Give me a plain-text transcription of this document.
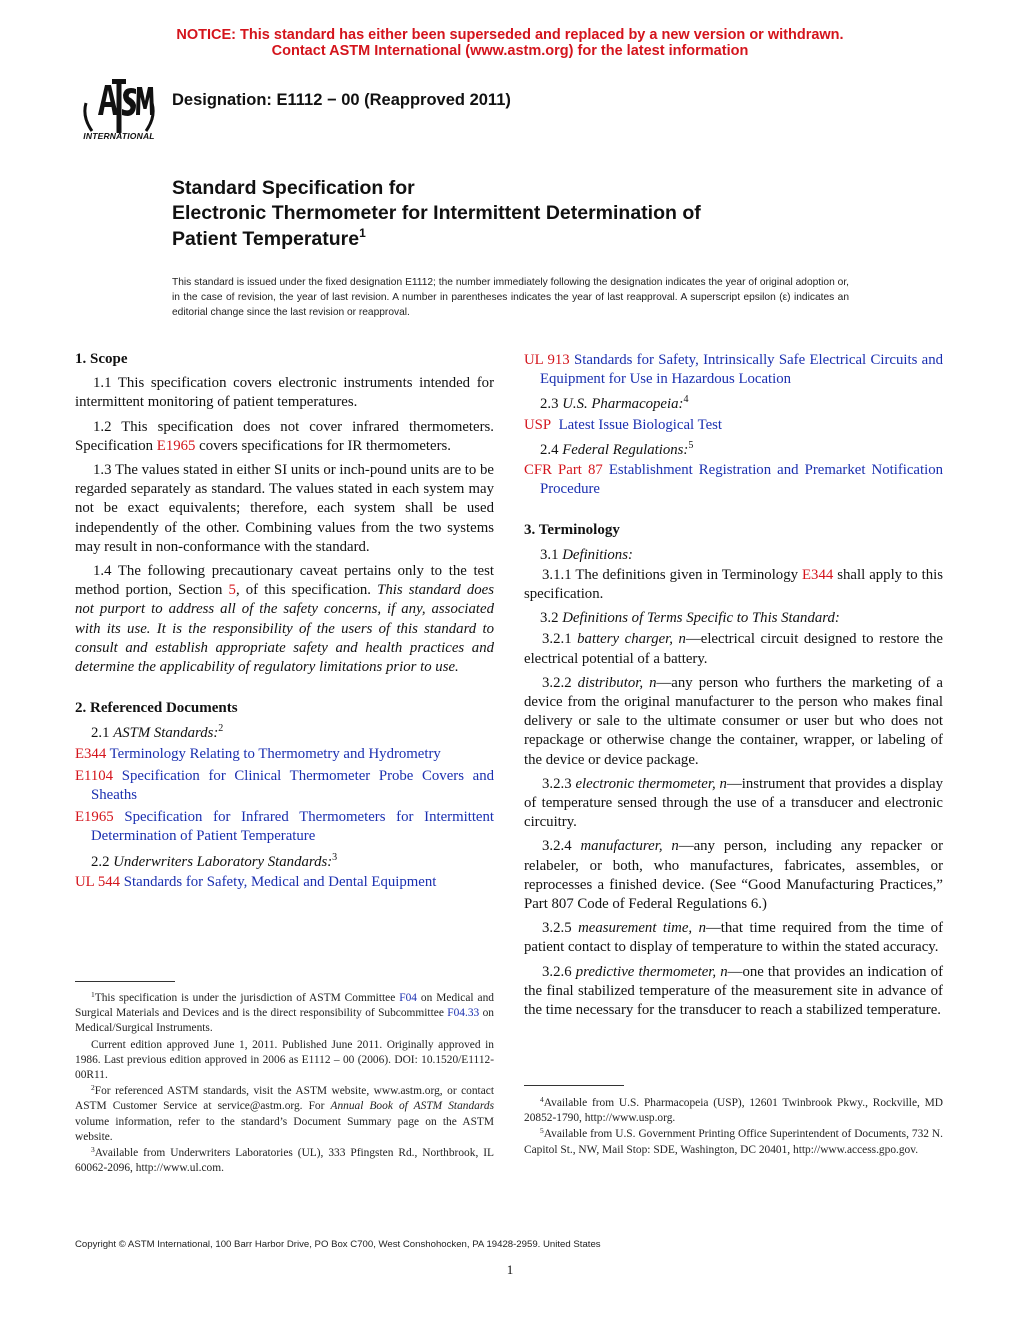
NOTICE: This standard has either been superseded and replaced by a new version or withdrawn.
Contact ASTM International (www.astm.org) for the latest information
INTERNATIONAL
Designation: E1112 − 00 (Reapproved 2011)
Standard Specification for
Electronic Thermometer for Intermittent Determination of
Patient Temperature$^1$
This standard is issued under the fixed designation E1112; the number immediately following the designation indicates the year of original adoption or, in the case of revision, the year of last revision. A number in parentheses indicates the year of last reapproval. A superscript epsilon (ε) indicates an editorial change since the last revision or reapproval.
1. Scope

1.1 This specification covers electronic instruments intended for intermittent monitoring of patient temperatures.

1.2 This specification does not cover infrared thermometers. Specification E1965 covers specifications for IR thermometers.

1.3 The values stated in either SI units or inch-pound units are to be regarded separately as standard. The values stated in each system may not be exact equivalents; therefore, each system shall be used independently of the other. Combining values from the two systems may result in non-conformance with the standard.

1.4 The following precautionary caveat pertains only to the test method portion, Section 5, of this specification. This standard does not purport to address all of the safety concerns, if any, associated with its use. It is the responsibility of the users of this standard to consult and establish appropriate safety and health practices and determine the applicability of regulatory limitations prior to use.

2. Referenced Documents
2.1 ASTM Standards:$^2$
E344 Terminology Relating to Thermometry and Hydrometry
E1104 Specification for Clinical Thermometer Probe Covers and Sheaths
E1965 Specification for Infrared Thermometers for Intermittent Determination of Patient Temperature
2.2 Underwriters Laboratory Standards:$^3$
UL 544 Standards for Safety, Medical and Dental Equipment
UL 913 Standards for Safety, Intrinsically Safe Electrical Circuits and Equipment for Use in Hazardous Location
2.3 U.S. Pharmacopeia:$^4$
USP Latest Issue Biological Test
2.4 Federal Regulations:$^5$
CFR Part 87 Establishment Registration and Premarket Notification Procedure
3. Terminology
3.1 Definitions:

3.1.1 The definitions given in Terminology E344 shall apply to this specification.

3.2 Definitions of Terms Specific to This Standard:

3.2.1 battery charger, n—electrical circuit designed to restore the electrical potential of a battery.

3.2.2 distributor, n—any person who furthers the marketing of a device from the original manufacturer to the person who makes final delivery or sale to the ultimate consumer or user but who does not repackage or otherwise change the container, wrapper, or labeling of the device or device package.

3.2.3 electronic thermometer, n—instrument that provides a display of temperature sensed through the use of a transducer and electronic circuitry.

3.2.4 manufacturer, n—any person, including any repacker or relabeler, or both, who manufactures, fabricates, assembles, or reprocesses a finished device. (See “Good Manufacturing Practices,” Part 807 Code of Federal Regulations 6.)

3.2.5 measurement time, n—that time required from the time of patient contact to display of temperature to within the stated accuracy.

3.2.6 predictive thermometer, n—one that provides an indication of the final stabilized temperature of the measurement site in advance of the time necessary for the transducer to reach a stabilized temperature.

$^1$This specification is under the jurisdiction of ASTM Committee F04 on Medical and Surgical Materials and Devices and is the direct responsibility of Subcommittee F04.33 on Medical/Surgical Instruments.

Current edition approved June 1, 2011. Published June 2011. Originally approved in 1986. Last previous edition approved in 2006 as E1112 – 00 (2006). DOI: 10.1520/E1112-00R11.

$^2$For referenced ASTM standards, visit the ASTM website, www.astm.org, or contact ASTM Customer Service at service@astm.org. For Annual Book of ASTM Standards volume information, refer to the standard’s Document Summary page on the ASTM website.

$^3$Available from Underwriters Laboratories (UL), 333 Pfingsten Rd., Northbrook, IL 60062-2096, http://www.ul.com.

$^4$Available from U.S. Pharmacopeia (USP), 12601 Twinbrook Pkwy., Rockville, MD 20852-1790, http://www.usp.org.

$^5$Available from U.S. Government Printing Office Superintendent of Documents, 732 N. Capitol St., NW, Mail Stop: SDE, Washington, DC 20401, http://www.access.gpo.gov.

Copyright © ASTM International, 100 Barr Harbor Drive, PO Box C700, West Conshohocken, PA 19428-2959. United States
1
